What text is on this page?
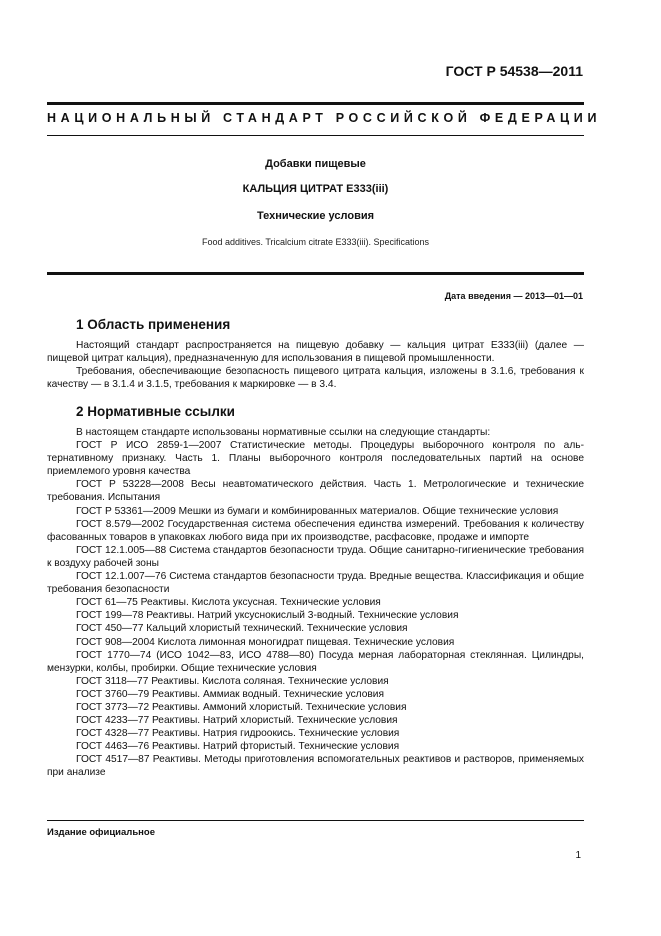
ГОСТ Р 54538—2011
НАЦИОНАЛЬНЫЙ СТАНДАРТ РОССИЙСКОЙ ФЕДЕРАЦИИ
Добавки пищевые
КАЛЬЦИЯ ЦИТРАТ Е333(iii)
Технические условия
Food additives. Tricalcium citrate E333(iii). Specifications
Дата введения — 2013—01—01
1 Область применения

Настоящий стандарт распространяется на пищевую добавку — кальция цитрат E333(iii) (далее — пищевой цитрат кальция), предназначенную для использования в пищевой промышленности.

Требования, обеспечивающие безопасность пищевого цитрата кальция, изложены в 3.1.6, требования к качеству — в 3.1.4 и 3.1.5, требования к маркировке — в 3.4.

2 Нормативные ссылки

В настоящем стандарте использованы нормативные ссылки на следующие стандарты:

ГОСТ Р ИСО 2859-1—2007 Статистические методы. Процедуры выборочного контроля по альтернативному признаку. Часть 1. Планы выборочного контроля последовательных партий на основе приемлемого уровня качества

ГОСТ Р 53228—2008 Весы неавтоматического действия. Часть 1. Метрологические и технические требования. Испытания

ГОСТ Р 53361—2009 Мешки из бумаги и комбинированных материалов. Общие технические условия

ГОСТ 8.579—2002 Государственная система обеспечения единства измерений. Требования к количеству фасованных товаров в упаковках любого вида при их производстве, расфасовке, продаже и импорте

ГОСТ 12.1.005—88 Система стандартов безопасности труда. Общие санитарно-гигиенические требования к воздуху рабочей зоны

ГОСТ 12.1.007—76 Система стандартов безопасности труда. Вредные вещества. Классификация и общие требования безопасности

ГОСТ 61—75 Реактивы. Кислота уксусная. Технические условия

ГОСТ 199—78 Реактивы. Натрий уксуснокислый 3-водный. Технические условия

ГОСТ 450—77 Кальций хлористый технический. Технические условия

ГОСТ 908—2004 Кислота лимонная моногидрат пищевая. Технические условия

ГОСТ 1770—74 (ИСО 1042—83, ИСО 4788—80) Посуда мерная лабораторная стеклянная. Цилиндры, мензурки, колбы, пробирки. Общие технические условия

ГОСТ 3118—77 Реактивы. Кислота соляная. Технические условия

ГОСТ 3760—79 Реактивы. Аммиак водный. Технические условия

ГОСТ 3773—72 Реактивы. Аммоний хлористый. Технические условия

ГОСТ 4233—77 Реактивы. Натрий хлористый. Технические условия

ГОСТ 4328—77 Реактивы. Натрия гидроокись. Технические условия

ГОСТ 4463—76 Реактивы. Натрий фтористый. Технические условия

ГОСТ 4517—87 Реактивы. Методы приготовления вспомогательных реактивов и растворов, применяемых при анализе

Издание официальное
1
